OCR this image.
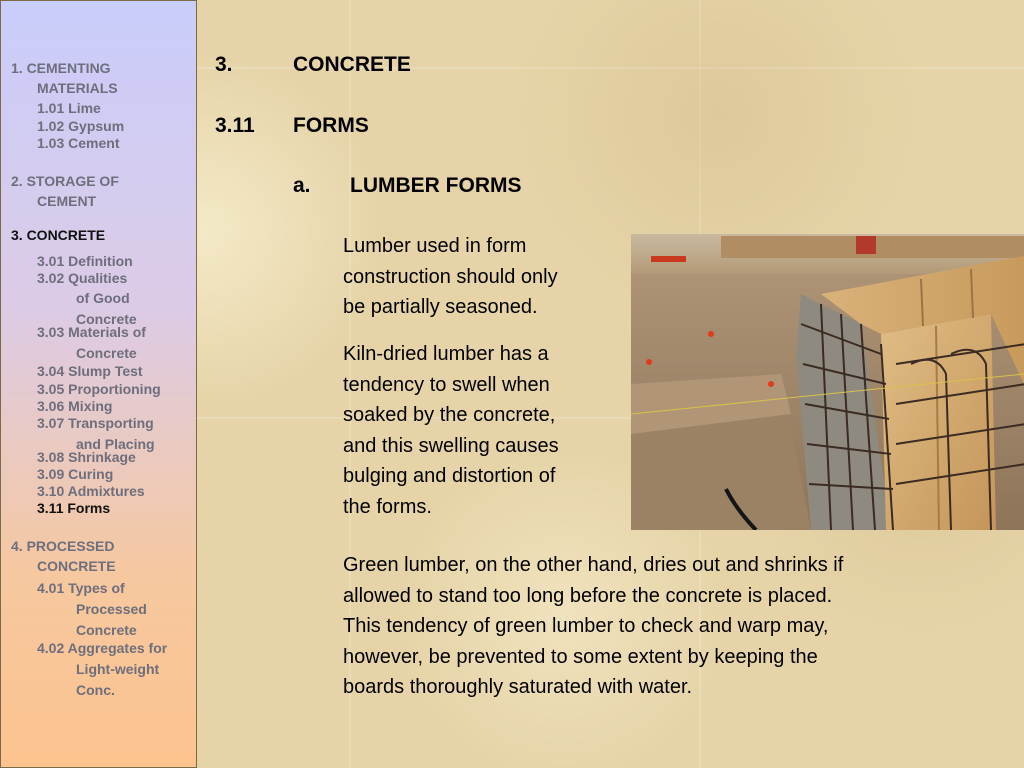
1. CEMENTING
MATERIALS
1.01 Lime
1.02 Gypsum
1.03 Cement
2. STORAGE OF
CEMENT
3. CONCRETE
3.01 Definition
3.02 Qualities
of Good
Concrete
3.03 Materials of
Concrete
3.04 Slump Test
3.05 Proportioning
3.06 Mixing
3.07 Transporting
and Placing
3.08 Shrinkage
3.09 Curing
3.10 Admixtures
3.11 Forms
4. PROCESSED
CONCRETE
4.01 Types of
Processed
Concrete
4.02 Aggregates for
Light-weight
Conc.
3.	CONCRETE
3.11 FORMS
a. LUMBER FORMS
Lumber used in form
construction should only
be partially seasoned.
Kiln-dried lumber has a
tendency to swell when
soaked by the concrete,
and this swelling causes
bulging and distortion of
the forms.
Green lumber, on the other hand, dries out and shrinks if
allowed to stand too long before the concrete is placed.
This tendency of green lumber to check and warp may,
however, be prevented to some extent by keeping the
boards thoroughly saturated with water.
